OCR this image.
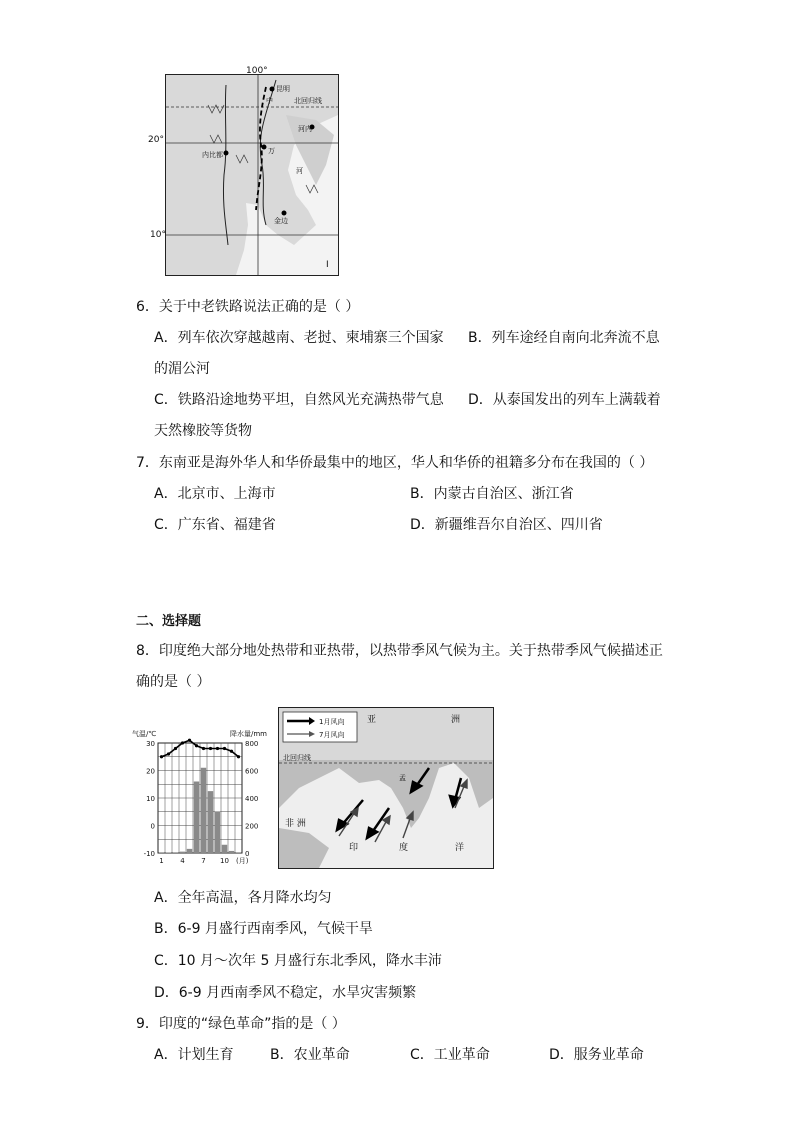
100°
昆明
中	北回归线
内比都	万
河内
河
金边
I
20°
10°
6．关于中老铁路说法正确的是（ ）
A．列车依次穿越越南、老挝、柬埔寨三个国家 B．列车途经自南向北奔流不息
的湄公河
C．铁路沿途地势平坦，自然风光充满热带气息 D．从泰国发出的列车上满载着
天然橡胶等货物
7．东南亚是海外华人和华侨最集中的地区，华人和华侨的祖籍多分布在我国的（ ）
A．北京市、上海市	B．内蒙古自治区、浙江省
C．广东省、福建省	D．新疆维吾尔自治区、四川省
二、选择题
8．印度绝大部分地处热带和亚热带，以热带季风气候为主。关于热带季风气候描述正
确的是（ ）
气温/℃	降水量/mm
30
20
10
0
-10
800
600
400
200
0
1 4 7 10 (月)
1月风向
7月风向
亚	洲
北回归线
孟
非 洲
印	度	洋
A．全年高温，各月降水均匀
B．6-9 月盛行西南季风，气候干旱
C．10 月～次年 5 月盛行东北季风，降水丰沛
D．6-9 月西南季风不稳定，水旱灾害频繁
9．印度的“绿色革命”指的是（ ）
A．计划生育	B．农业革命	C．工业革命	D．服务业革命
